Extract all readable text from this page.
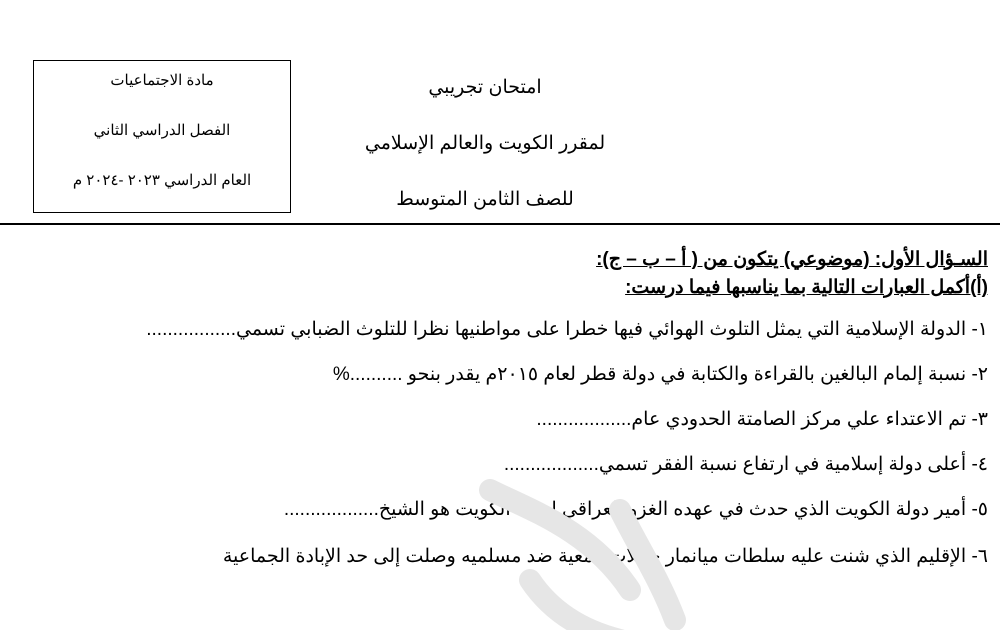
مادة الاجتماعيات
الفصل الدراسي الثاني
العام الدراسي ٢٠٢٣ -٢٠٢٤ م
امتحان تجريبي
لمقرر الكويت والعالم الإسلامي
للصف الثامن المتوسط
السـؤال الأول: (موضوعي) يتكون من ( أ – ب – ج):
(أ)أكمل العبارات التالية بما يناسبها فيما درست:
١- الدولة الإسلامية التي يمثل التلوث الهوائي فيها خطرا على مواطنيها نظرا للتلوث الضبابي تسمي.................
٢- نسبة إلمام البالغين بالقراءة والكتابة في دولة قطر لعام ٢٠١٥م يقدر بنحو ..........%
٣- تم الاعتداء علي مركز الصامتة الحدودي عام..................
٤- أعلى دولة إسلامية في ارتفاع نسبة الفقر تسمي..................
٥- أمير دولة الكويت الذي حدث في عهده الغزو العراقي لدولة الكويت هو الشيخ..................
٦- الإقليم الذي شنت عليه سلطات ميانمار حملات قمعية ضد مسلميه وصلت إلى حد الإبادة الجماعية
